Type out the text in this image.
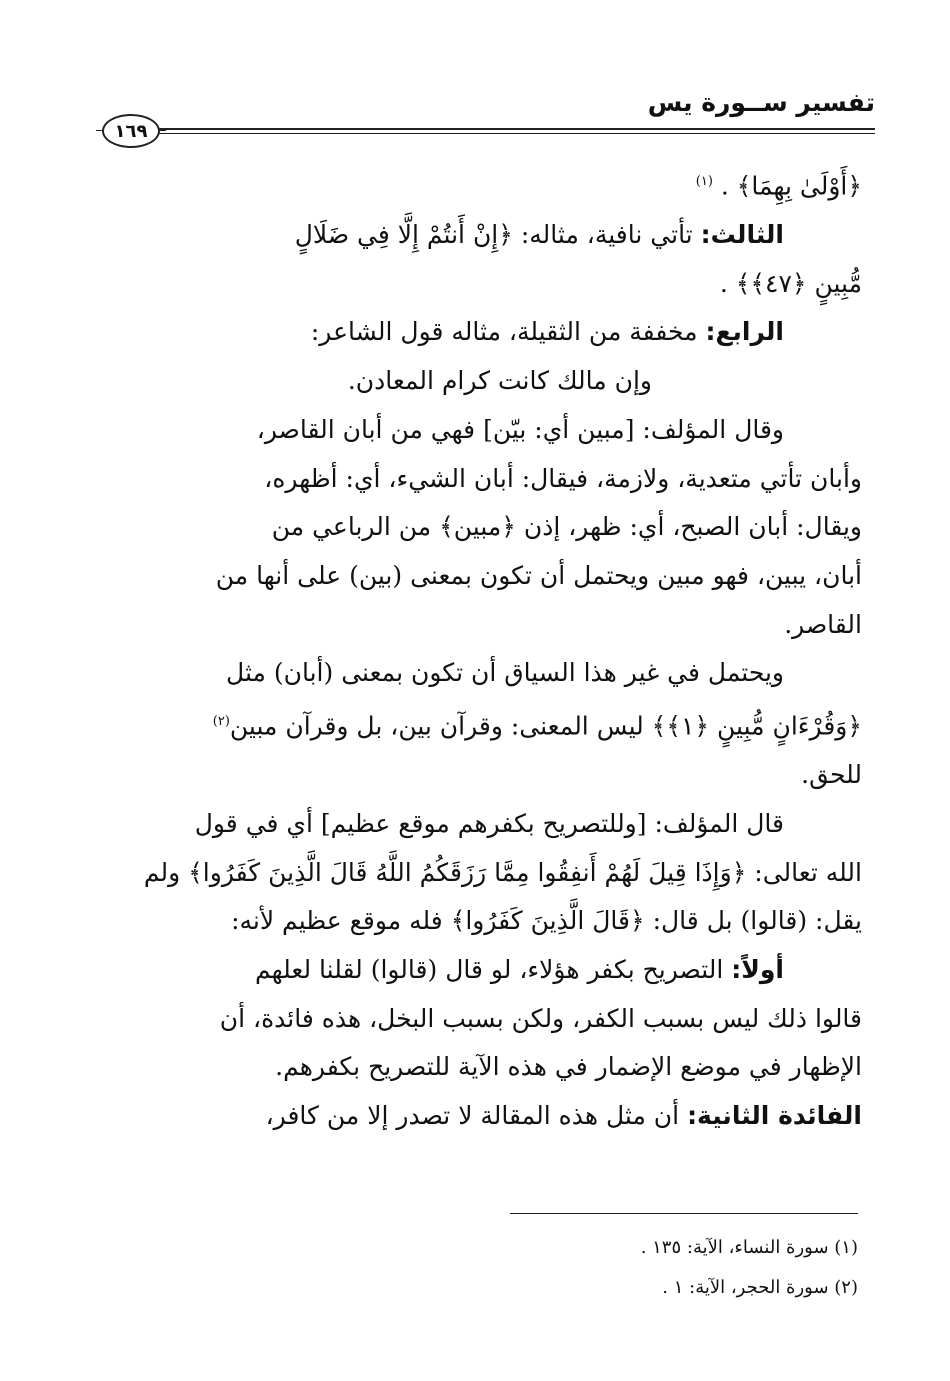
تفسير ســورة يس
١٦٩
﴿أَوْلَىٰ بِهِمَا﴾ . $^{(١)}$
الثالث: تأتي نافية، مثاله: ﴿إِنْ أَنتُمْ إِلَّا فِي ضَلَالٍ
مُّبِينٍ ﴿٤٧﴾﴾ .
الرابع: مخففة من الثقيلة، مثاله قول الشاعر:
وإن مالك كانت كرام المعادن.
وقال المؤلف: [مبين أي: بيّن] فهي من أبان القاصر،
وأبان تأتي متعدية، ولازمة، فيقال: أبان الشيء، أي: أظهره،
ويقال: أبان الصبح، أي: ظهر، إذن ﴿مبين﴾ من الرباعي من
أبان، يبين، فهو مبين ويحتمل أن تكون بمعنى (بين) على أنها من
القاصر.
ويحتمل في غير هذا السياق أن تكون بمعنى (أبان) مثل
﴿وَقُرْءَانٍ مُّبِينٍ ﴿١﴾﴾ ليس المعنى: وقرآن بين، بل وقرآن مبين$^{(٢)}$
للحق.
قال المؤلف: [وللتصريح بكفرهم موقع عظيم] أي في قول
الله تعالى: ﴿وَإِذَا قِيلَ لَهُمْ أَنفِقُوا مِمَّا رَزَقَكُمُ اللَّهُ قَالَ الَّذِينَ كَفَرُوا﴾ ولم
يقل: (قالوا) بل قال: ﴿قَالَ الَّذِينَ كَفَرُوا﴾ فله موقع عظيم لأنه:
أولاً: التصريح بكفر هؤلاء، لو قال (قالوا) لقلنا لعلهم
قالوا ذلك ليس بسبب الكفر، ولكن بسبب البخل، هذه فائدة، أن
الإظهار في موضع الإضمار في هذه الآية للتصريح بكفرهم.
الفائدة الثانية: أن مثل هذه المقالة لا تصدر إلا من كافر،
(١) سورة النساء، الآية: ١٣٥ .
(٢) سورة الحجر، الآية: ١ .
